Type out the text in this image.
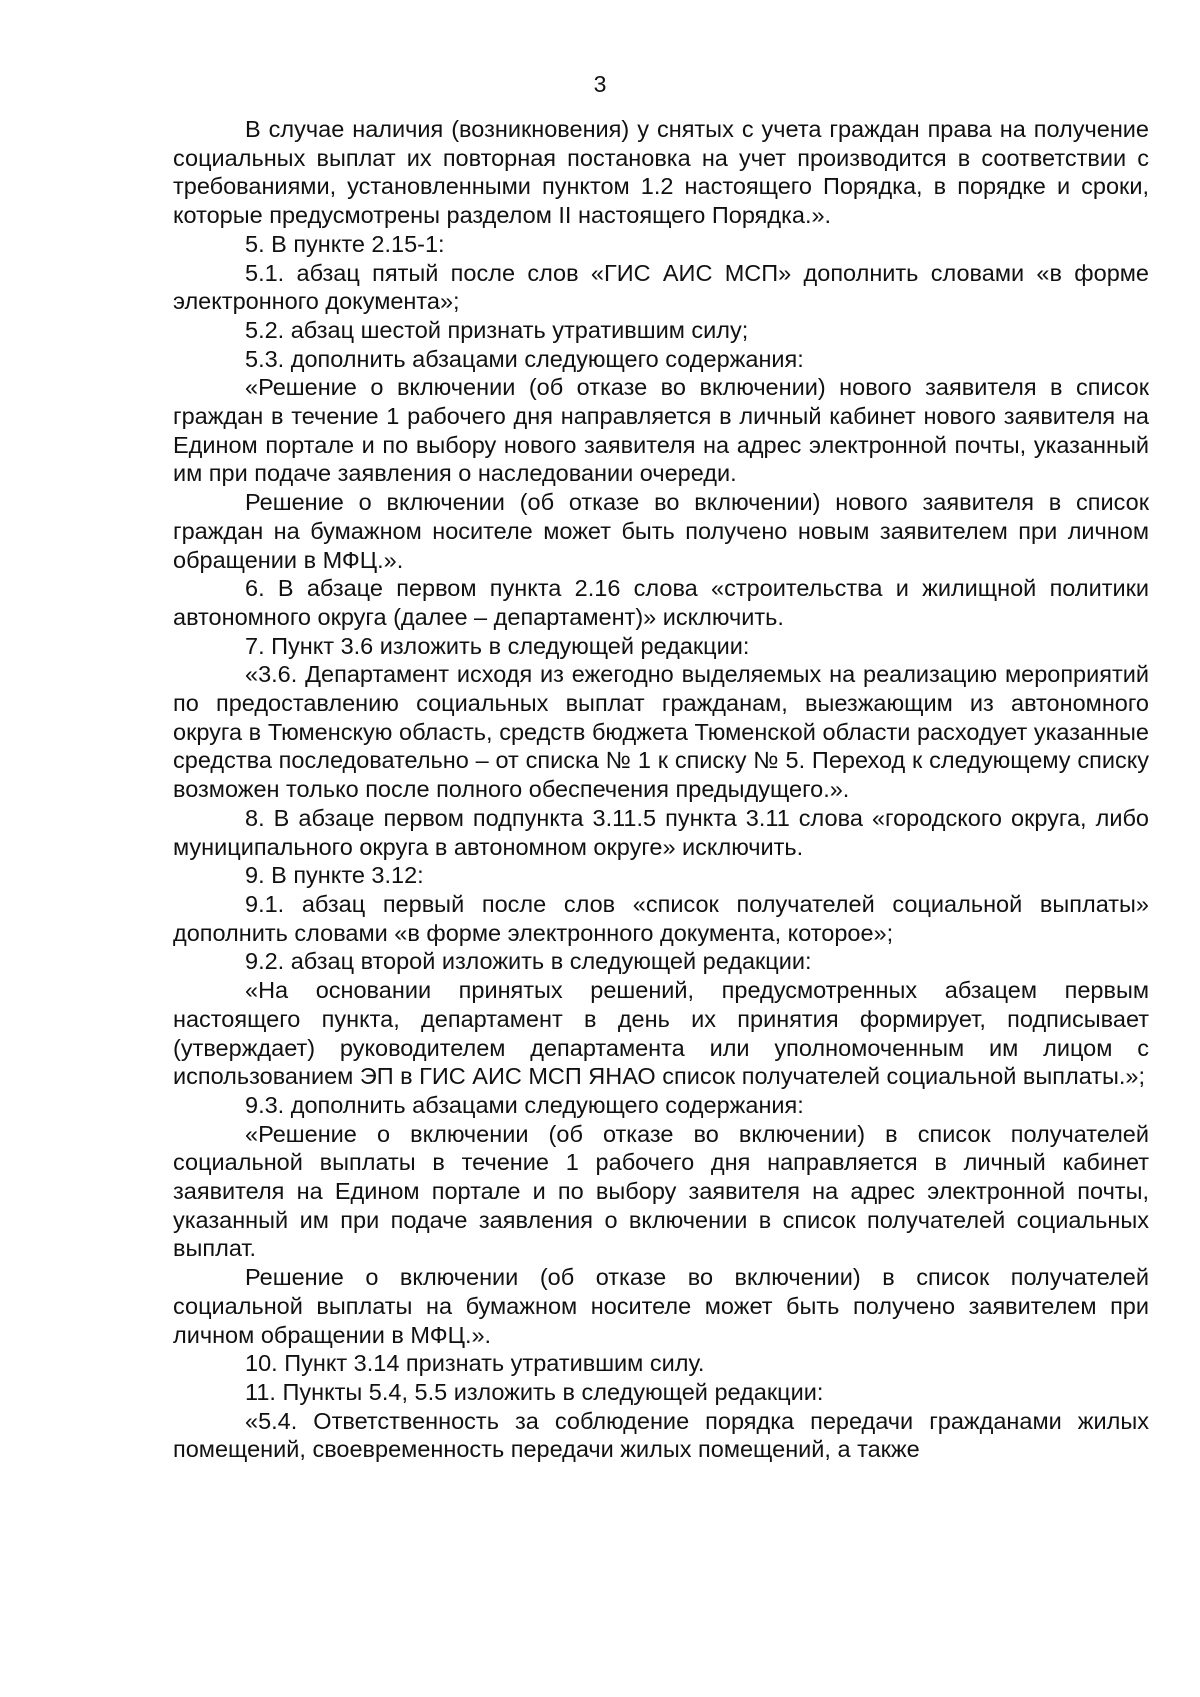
3

В случае наличия (возникновения) у снятых с учета граждан права на получение социальных выплат их повторная постановка на учет производится в соответствии с требованиями, установленными пунктом 1.2 настоящего Порядка, в порядке и сроки, которые предусмотрены разделом II настоящего Порядка.».

5. В пункте 2.15-1:

5.1. абзац пятый после слов «ГИС АИС МСП» дополнить словами «в форме электронного документа»;

5.2. абзац шестой признать утратившим силу;

5.3. дополнить абзацами следующего содержания:

«Решение о включении (об отказе во включении) нового заявителя в список граждан в течение 1 рабочего дня направляется в личный кабинет нового заявителя на Едином портале и по выбору нового заявителя на адрес электронной почты, указанный им при подаче заявления о наследовании очереди.

Решение о включении (об отказе во включении) нового заявителя в список граждан на бумажном носителе может быть получено новым заявителем при личном обращении в МФЦ.».

6. В абзаце первом пункта 2.16 слова «строительства и жилищной политики автономного округа (далее – департамент)» исключить.

7. Пункт 3.6 изложить в следующей редакции:

«3.6. Департамент исходя из ежегодно выделяемых на реализацию мероприятий по предоставлению социальных выплат гражданам, выезжающим из автономного округа в Тюменскую область, средств бюджета Тюменской области расходует указанные средства последовательно – от списка № 1 к списку № 5. Переход к следующему списку возможен только после полного обеспечения предыдущего.».

8. В абзаце первом подпункта 3.11.5 пункта 3.11 слова «городского округа, либо муниципального округа в автономном округе» исключить.

9. В пункте 3.12:

9.1. абзац первый после слов «список получателей социальной выплаты» дополнить словами «в форме электронного документа, которое»;

9.2. абзац второй изложить в следующей редакции:

«На основании принятых решений, предусмотренных абзацем первым настоящего пункта, департамент в день их принятия формирует, подписывает (утверждает) руководителем департамента или уполномоченным им лицом с использованием ЭП в ГИС АИС МСП ЯНАО список получателей социальной выплаты.»;

9.3. дополнить абзацами следующего содержания:

«Решение о включении (об отказе во включении) в список получателей социальной выплаты в течение 1 рабочего дня направляется в личный кабинет заявителя на Едином портале и по выбору заявителя на адрес электронной почты, указанный им при подаче заявления о включении в список получателей социальных выплат.

Решение о включении (об отказе во включении) в список получателей социальной выплаты на бумажном носителе может быть получено заявителем при личном обращении в МФЦ.».

10. Пункт 3.14 признать утратившим силу.

11. Пункты 5.4, 5.5 изложить в следующей редакции:

«5.4. Ответственность за соблюдение порядка передачи гражданами жилых помещений, своевременность передачи жилых помещений, а также
